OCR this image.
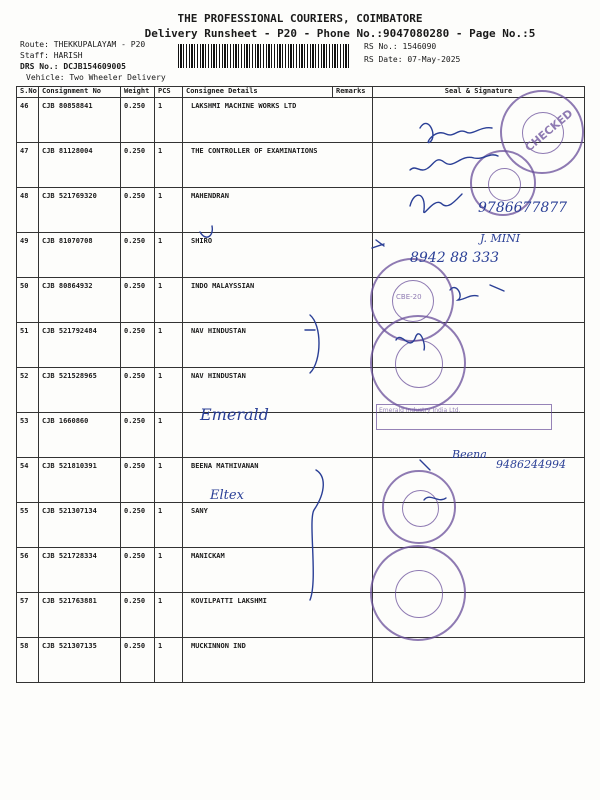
THE PROFESSIONAL COURIERS, COIMBATORE
Delivery Runsheet - P20 - Phone No.:9047080280 - Page No.:5
Route: THEKKUPALAYAM - P20
Staff: HARISH
DRS No.: DCJB154609005
Vehicle: Two Wheeler Delivery
RS No.: 1546090
RS Date: 07-May-2025
S.No	Consignment No	Weight	PCS	Consignee Details	Remarks	Seal & Signature
46	CJB 80858841	0.250	1	LAKSHMI MACHINE WORKS LTD		
47	CJB 81128004	0.250	1	THE CONTROLLER OF EXAMINATIONS		
48	CJB 521769320	0.250	1	MAHENDRAN		
49	CJB 81070708	0.250	1	SHIRO		
50	CJB 80864932	0.250	1	INDO MALAYSSIAN		
51	CJB 521792484	0.250	1	NAV HINDUSTAN		
52	CJB 521528965	0.250	1	NAV HINDUSTAN		
53	CJB 1660860	0.250	1			
54	CJB 521810391	0.250	1	BEENA MATHIVANAN		
55	CJB 521307134	0.250	1	SANY		
56	CJB 521728334	0.250	1	MANICKAM		
57	CJB 521763881	0.250	1	KOVILPATTI LAKSHMI		
58	CJB 521307135	0.250	1	MUCKINNON IND		
CHECKED
CBE-20
Emerald Industry India Ltd.
9786677877
J. MINI
8942 88 333
Emerald
Beena
9486244994
Eltex
